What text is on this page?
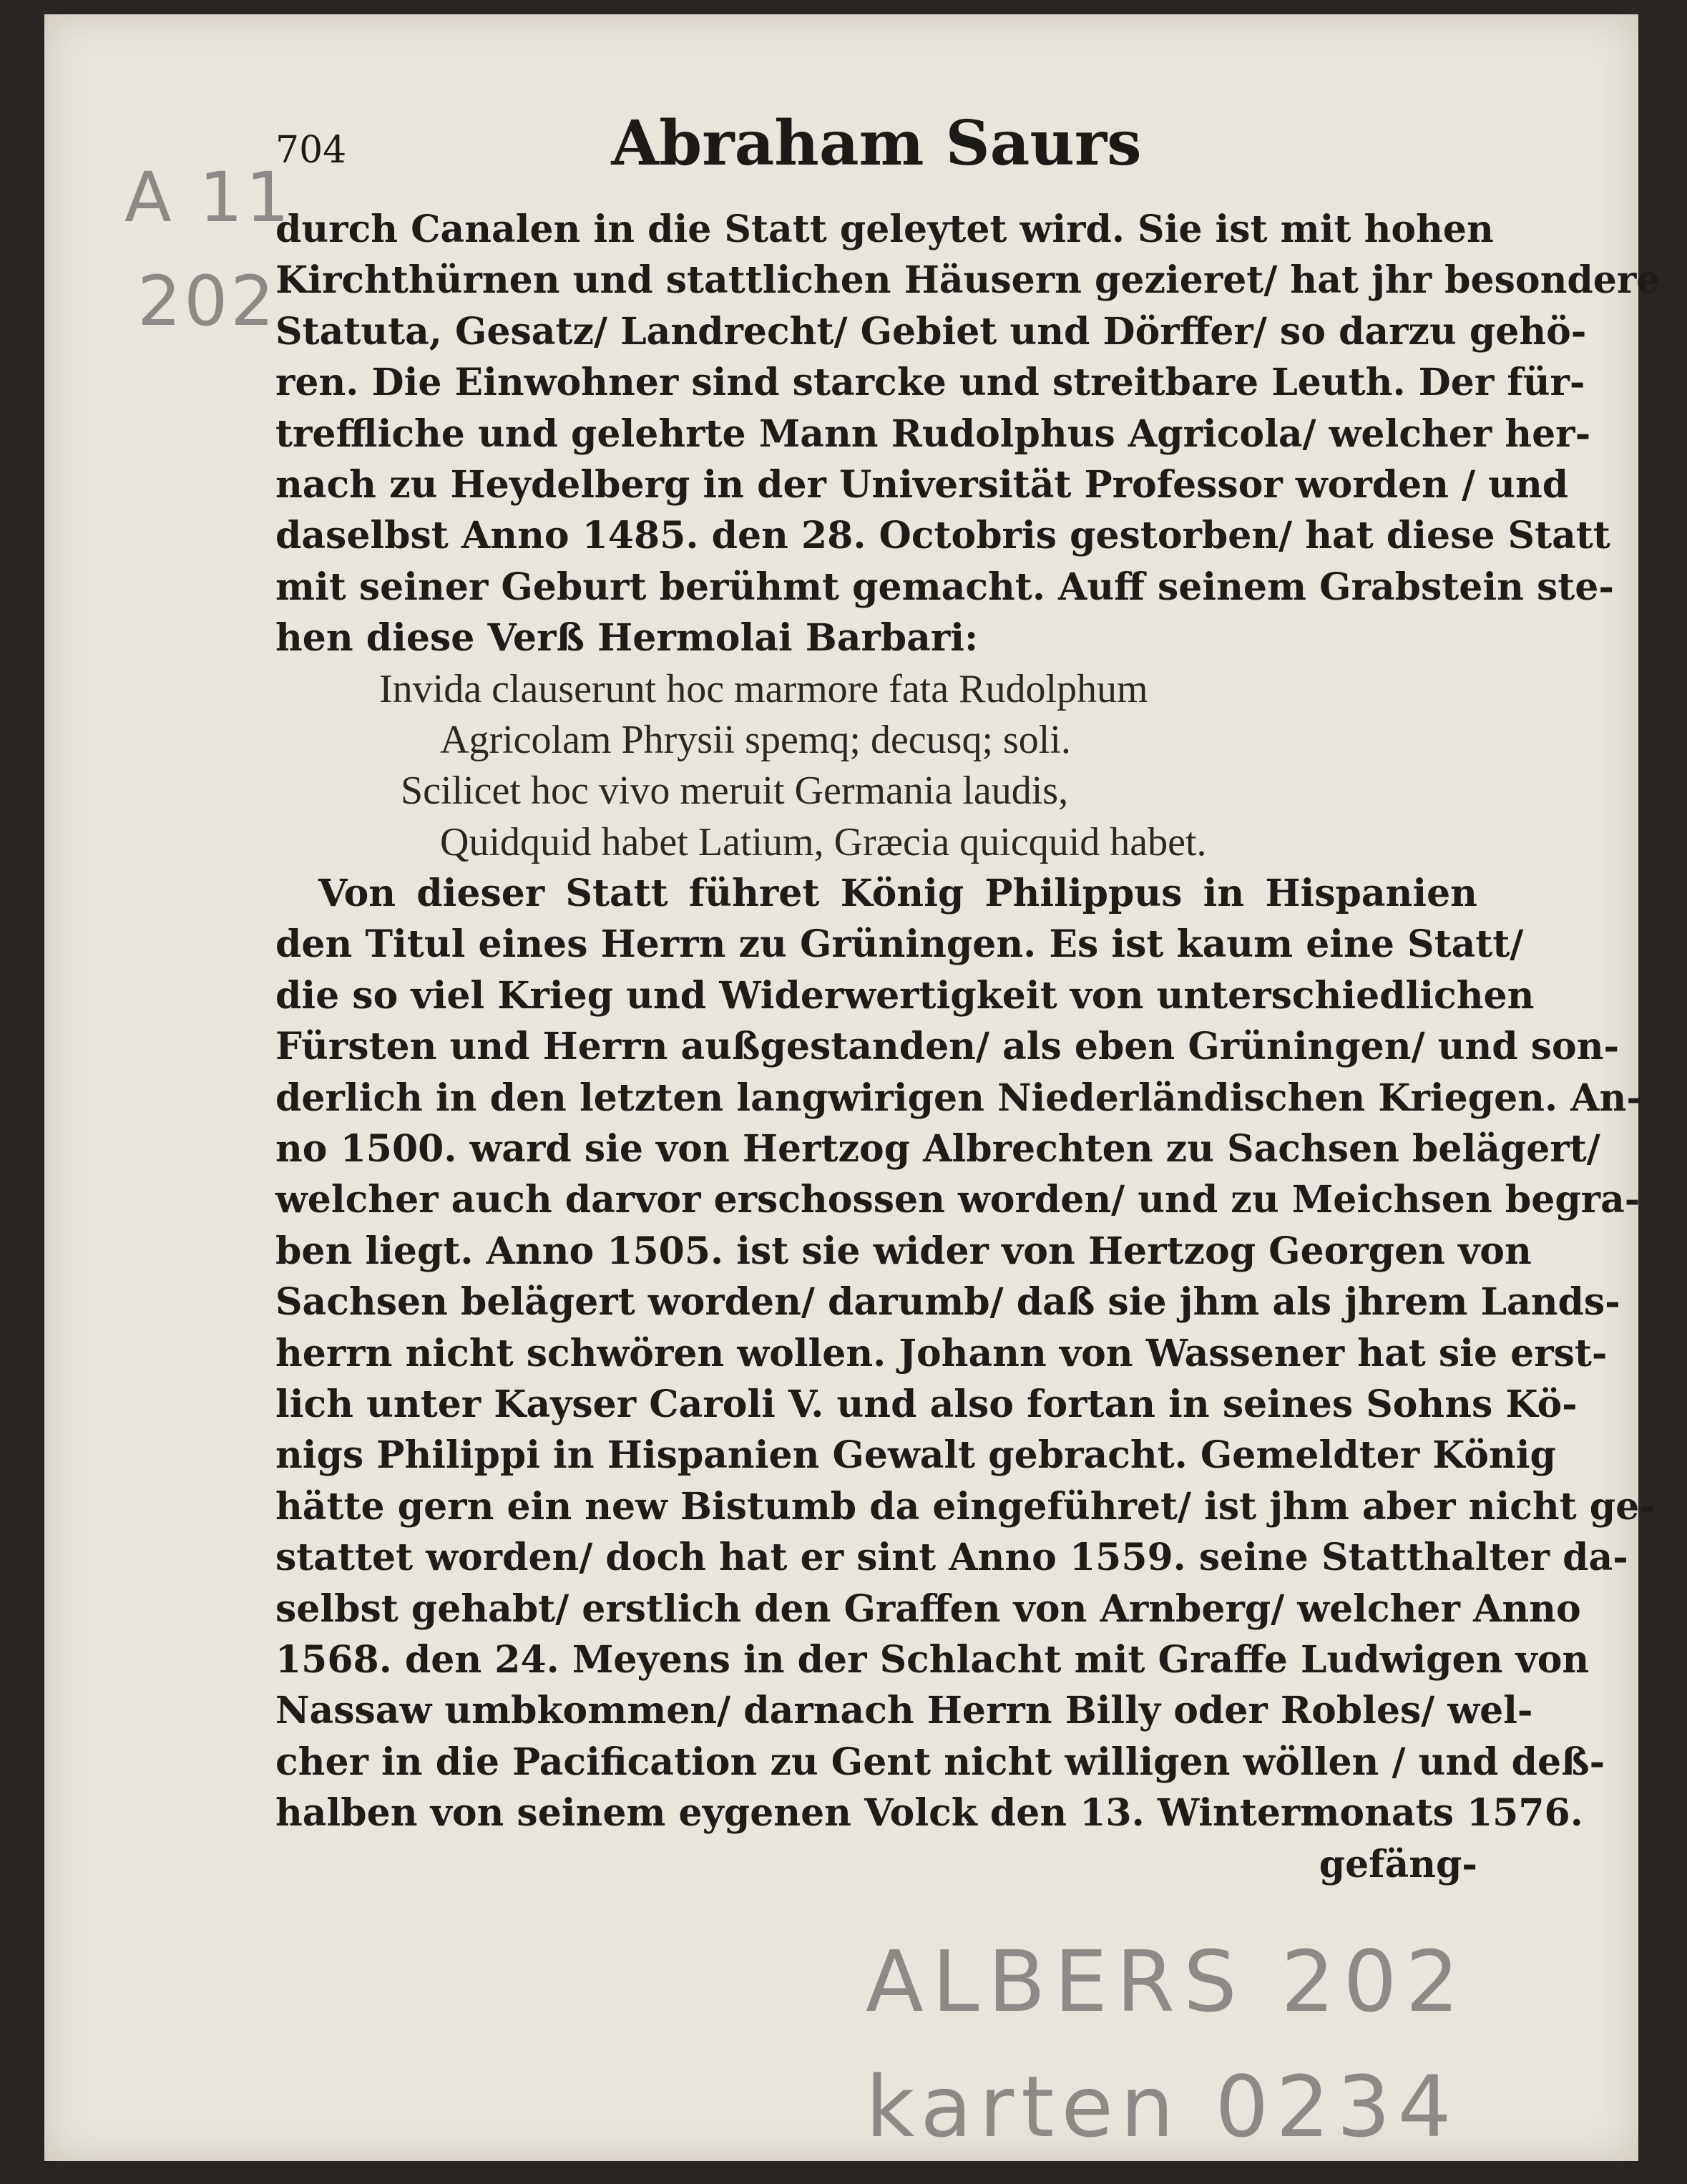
A 11
202
704	Abraham Saurs
durch Canalen in die Statt geleytet wird. Sie ist mit hohen
Kirchthürnen und stattlichen Häusern gezieret/ hat jhr besondere
Statuta, Gesatz/ Landrecht/ Gebiet und Dörffer/ so darzu gehö-
ren. Die Einwohner sind starcke und streitbare Leuth. Der für-
treffliche und gelehrte Mann Rudolphus Agricola/ welcher her-
nach zu Heydelberg in der Universität Professor worden / und
daselbst Anno 1485. den 28. Octobris gestorben/ hat diese Statt
mit seiner Geburt berühmt gemacht. Auff seinem Grabstein ste-
hen diese Verß Hermolai Barbari:
Invida clauserunt hoc marmore fata Rudolphum
Agricolam Phrysii spemq; decusq; soli.
Scilicet hoc vivo meruit Germania laudis,
Quidquid habet Latium, Græcia quicquid habet.
Von dieser Statt führet König Philippus in Hispanien
den Titul eines Herrn zu Grüningen. Es ist kaum eine Statt/
die so viel Krieg und Widerwertigkeit von unterschiedlichen
Fürsten und Herrn außgestanden/ als eben Grüningen/ und son-
derlich in den letzten langwirigen Niederländischen Kriegen. An-
no 1500. ward sie von Hertzog Albrechten zu Sachsen belägert/
welcher auch darvor erschossen worden/ und zu Meichsen begra-
ben liegt. Anno 1505. ist sie wider von Hertzog Georgen von
Sachsen belägert worden/ darumb/ daß sie jhm als jhrem Lands-
herrn nicht schwören wollen. Johann von Wassener hat sie erst-
lich unter Kayser Caroli V. und also fortan in seines Sohns Kö-
nigs Philippi in Hispanien Gewalt gebracht. Gemeldter König
hätte gern ein new Bistumb da eingeführet/ ist jhm aber nicht ge-
stattet worden/ doch hat er sint Anno 1559. seine Statthalter da-
selbst gehabt/ erstlich den Graffen von Arnberg/ welcher Anno
1568. den 24. Meyens in der Schlacht mit Graffe Ludwigen von
Nassaw umbkommen/ darnach Herrn Billy oder Robles/ wel-
cher in die Pacification zu Gent nicht willigen wöllen / und deß-
halben von seinem eygenen Volck den 13. Wintermonats 1576.
gefäng-
ALBERS 202
karten 0234
